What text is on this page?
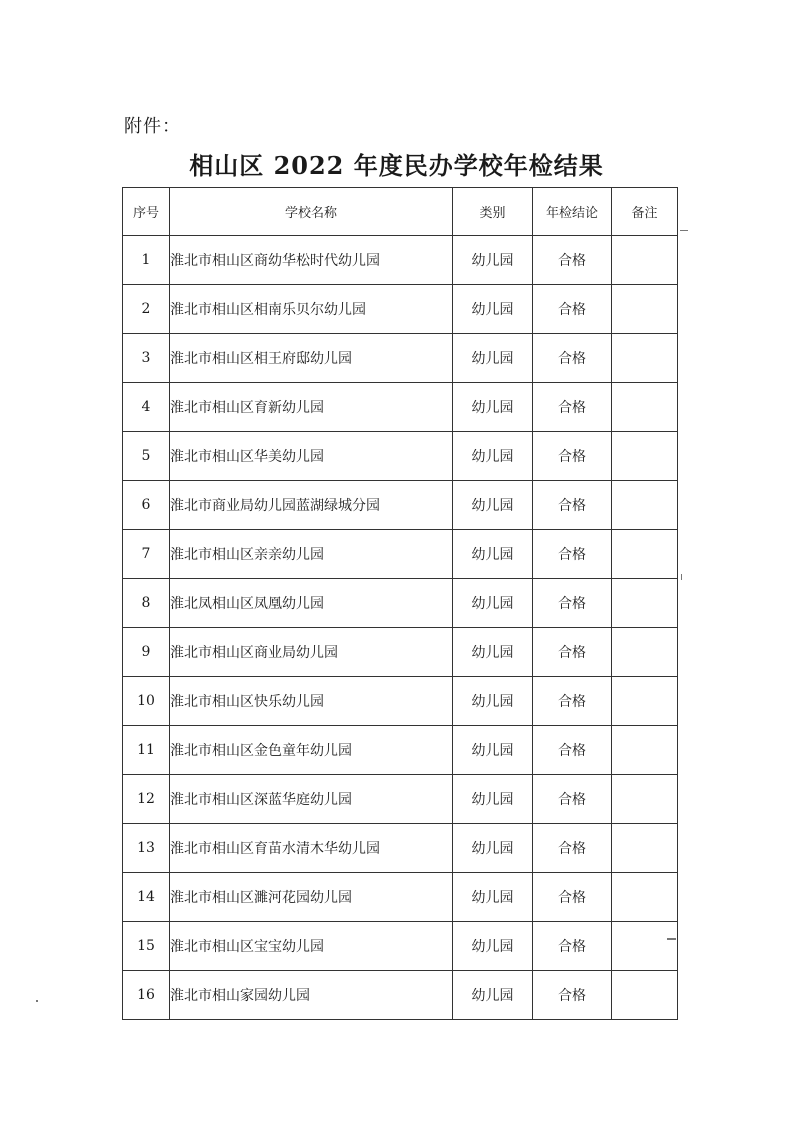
附件：
相山区 2022 年度民办学校年检结果
序号	学校名称	类别	年检结论	备注
1	淮北市相山区商幼华松时代幼儿园	幼儿园	合格	
2	淮北市相山区相南乐贝尔幼儿园	幼儿园	合格	
3	淮北市相山区相王府邸幼儿园	幼儿园	合格	
4	淮北市相山区育新幼儿园	幼儿园	合格	
5	淮北市相山区华美幼儿园	幼儿园	合格	
6	淮北市商业局幼儿园蓝湖绿城分园	幼儿园	合格	
7	淮北市相山区亲亲幼儿园	幼儿园	合格	
8	淮北凤相山区凤凰幼儿园	幼儿园	合格	
9	淮北市相山区商业局幼儿园	幼儿园	合格	
10	淮北市相山区快乐幼儿园	幼儿园	合格	
11	淮北市相山区金色童年幼儿园	幼儿园	合格	
12	淮北市相山区深蓝华庭幼儿园	幼儿园	合格	
13	淮北市相山区育苗水清木华幼儿园	幼儿园	合格	
14	淮北市相山区濉河花园幼儿园	幼儿园	合格	
15	淮北市相山区宝宝幼儿园	幼儿园	合格	
16	淮北市相山家园幼儿园	幼儿园	合格	
